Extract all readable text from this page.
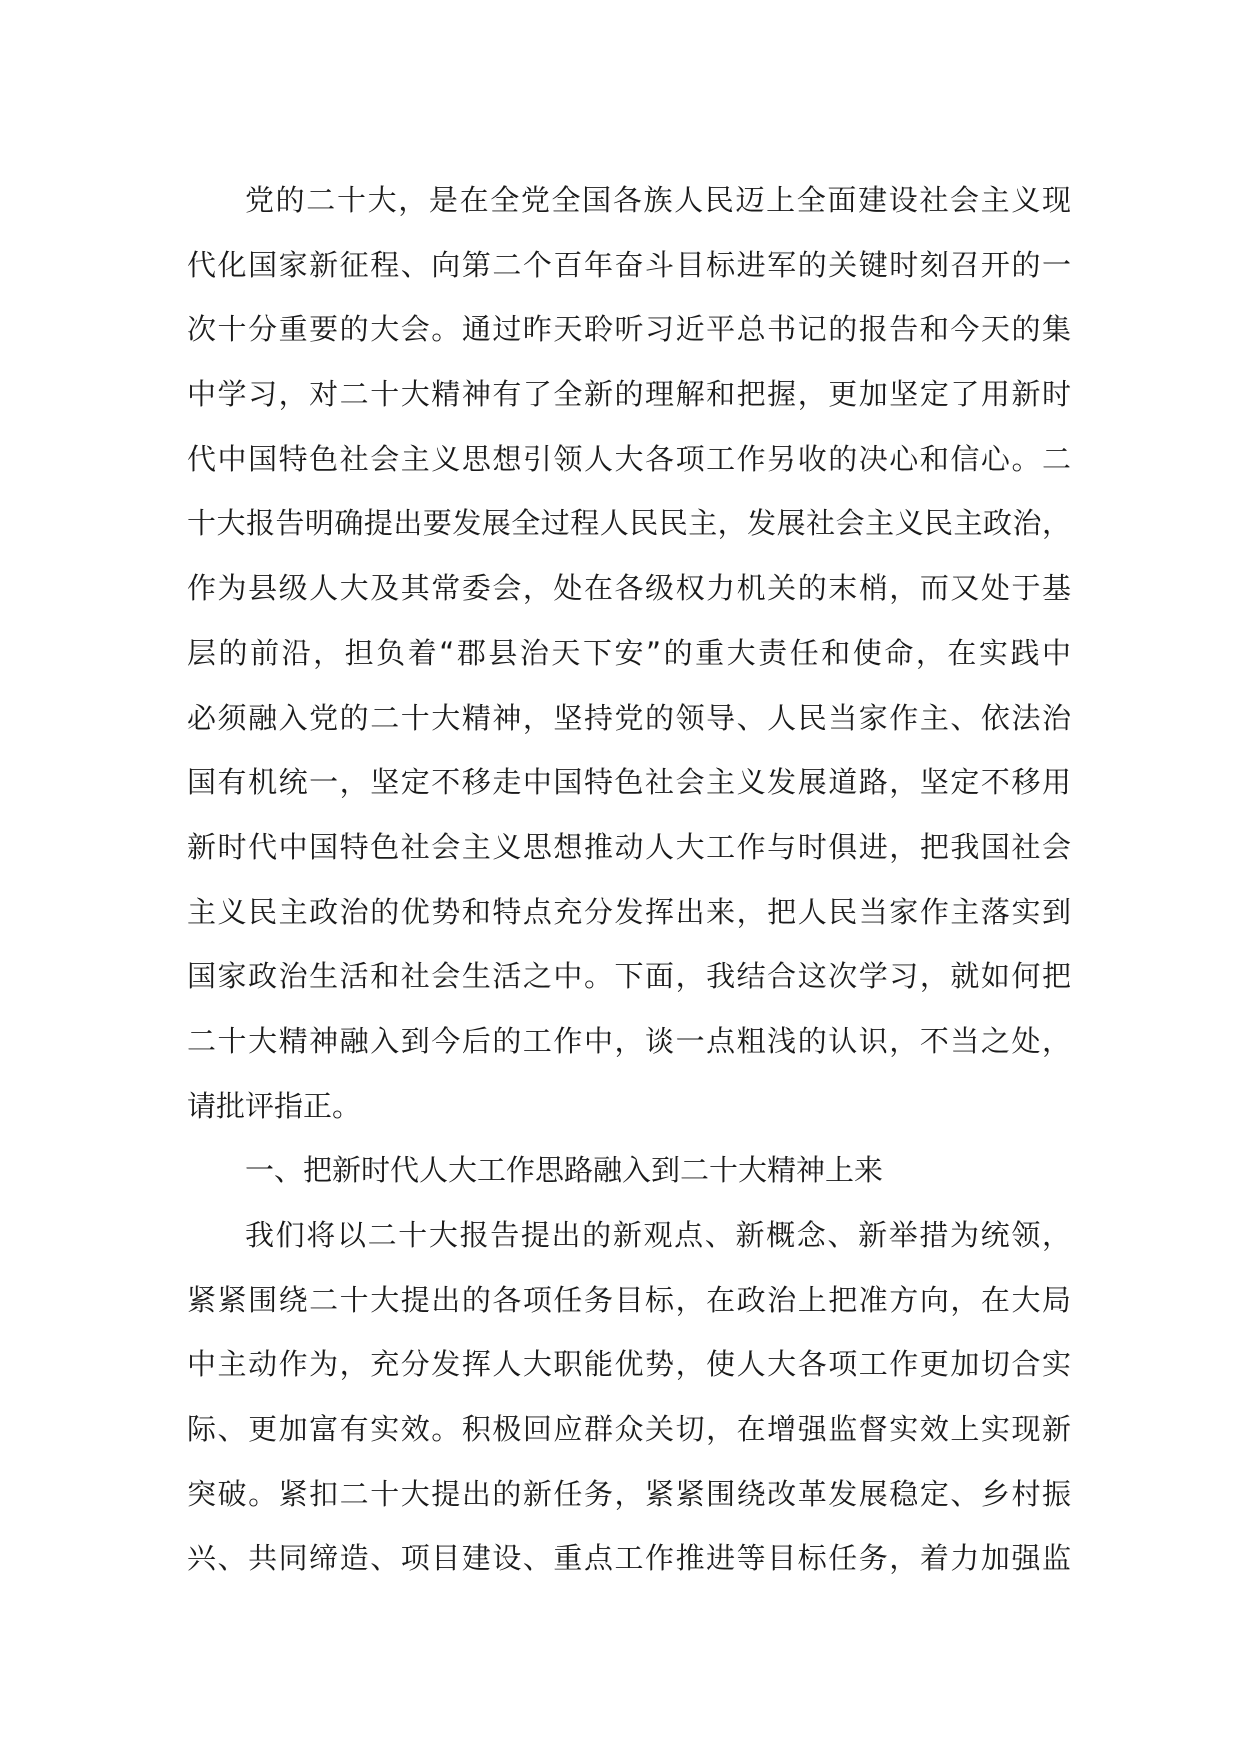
党的二十大，是在全党全国各族人民迈上全面建设社会主义现
代化国家新征程、向第二个百年奋斗目标进军的关键时刻召开的一
次十分重要的大会。通过昨天聆听习近平总书记的报告和今天的集
中学习，对二十大精神有了全新的理解和把握，更加坚定了用新时
代中国特色社会主义思想引领人大各项工作另收的决心和信心。二
十大报告明确提出要发展全过程人民民主，发展社会主义民主政治，
作为县级人大及其常委会，处在各级权力机关的末梢，而又处于基
层的前沿，担负着“郡县治天下安”的重大责任和使命，在实践中
必须融入党的二十大精神，坚持党的领导、人民当家作主、依法治
国有机统一，坚定不移走中国特色社会主义发展道路，坚定不移用
新时代中国特色社会主义思想推动人大工作与时俱进，把我国社会
主义民主政治的优势和特点充分发挥出来，把人民当家作主落实到
国家政治生活和社会生活之中。下面，我结合这次学习，就如何把
二十大精神融入到今后的工作中，谈一点粗浅的认识，不当之处，
请批评指正。
一、把新时代人大工作思路融入到二十大精神上来
我们将以二十大报告提出的新观点、新概念、新举措为统领，
紧紧围绕二十大提出的各项任务目标，在政治上把准方向，在大局
中主动作为，充分发挥人大职能优势，使人大各项工作更加切合实
际、更加富有实效。积极回应群众关切，在增强监督实效上实现新
突破。紧扣二十大提出的新任务，紧紧围绕改革发展稳定、乡村振
兴、共同缔造、项目建设、重点工作推进等目标任务，着力加强监
